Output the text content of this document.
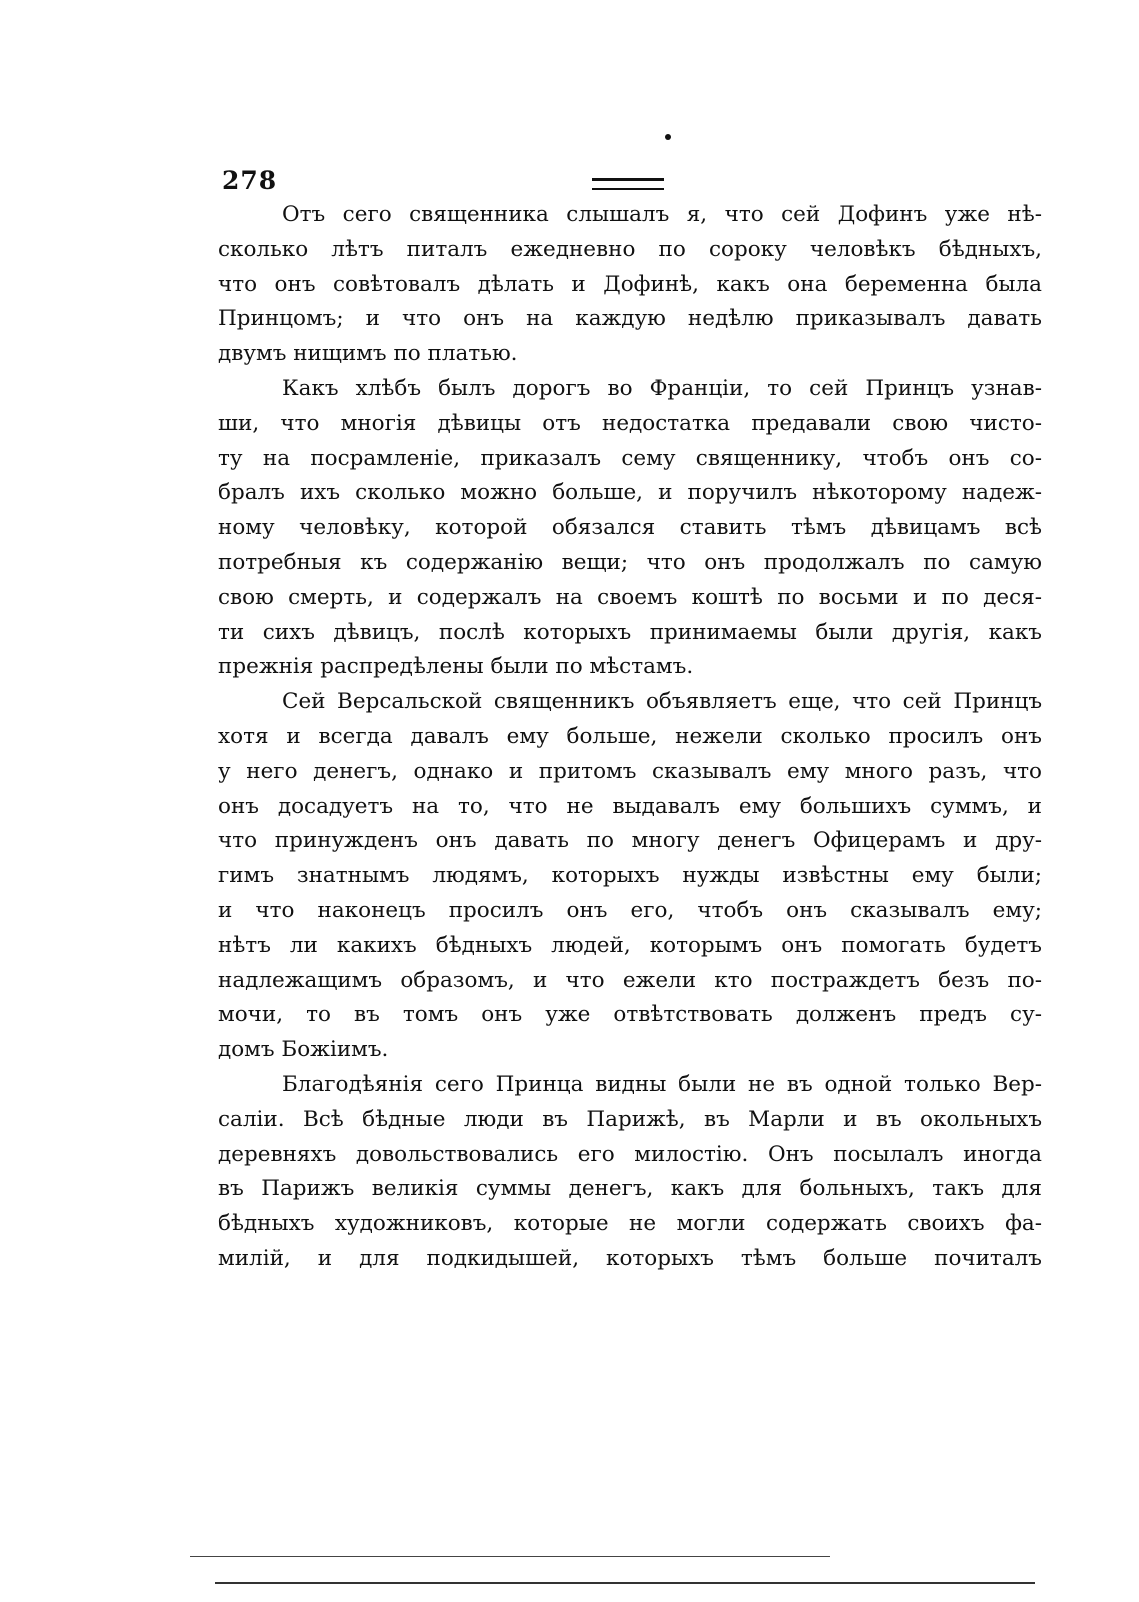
278
Отъ сего священника слышалъ я, что сей Дофинъ уже нѣ-
сколько лѣтъ питалъ ежедневно по сороку человѣкъ бѣдныхъ,
что онъ совѣтовалъ дѣлать и Дофинѣ, какъ она беременна была
Принцомъ; и что онъ на каждую недѣлю приказывалъ давать
двумъ нищимъ по платью.
Какъ хлѣбъ былъ дорогъ во Франціи, то сей Принцъ узнав-
ши, что многія дѣвицы отъ недостатка предавали свою чисто-
ту на посрамленіе, приказалъ сему священнику, чтобъ онъ со-
бралъ ихъ сколько можно больше, и поручилъ нѣкоторому надеж-
ному человѣку, которой обязался ставить тѣмъ дѣвицамъ всѣ
потребныя къ содержанію вещи; что онъ продолжалъ по самую
свою смерть, и содержалъ на своемъ коштѣ по восьми и по деся-
ти сихъ дѣвицъ, послѣ которыхъ принимаемы были другія, какъ
прежнія распредѣлены были по мѣстамъ.
Сей Версальской священникъ объявляетъ еще, что сей Принцъ
хотя и всегда давалъ ему больше, нежели сколько просилъ онъ
у него денегъ, однако и притомъ сказывалъ ему много разъ, что
онъ досадуетъ на то, что не выдавалъ ему большихъ суммъ, и
что принужденъ онъ давать по многу денегъ Офицерамъ и дру-
гимъ знатнымъ людямъ, которыхъ нужды извѣстны ему были;
и что наконецъ просилъ онъ его, чтобъ онъ сказывалъ ему;
нѣтъ ли какихъ бѣдныхъ людей, которымъ онъ помогать будетъ
надлежащимъ образомъ, и что ежели кто постраждетъ безъ по-
мочи, то въ томъ онъ уже отвѣтствовать долженъ предъ су-
домъ Божіимъ.
Благодѣянія сего Принца видны были не въ одной только Вер-
саліи. Всѣ бѣдные люди въ Парижѣ, въ Марли и въ окольныхъ
деревняхъ довольствовались его милостію. Онъ посылалъ иногда
въ Парижъ великія суммы денегъ, какъ для больныхъ, такъ для
бѣдныхъ художниковъ, которые не могли содержать своихъ фа-
милій, и для подкидышей, которыхъ тѣмъ больше почиталъ
